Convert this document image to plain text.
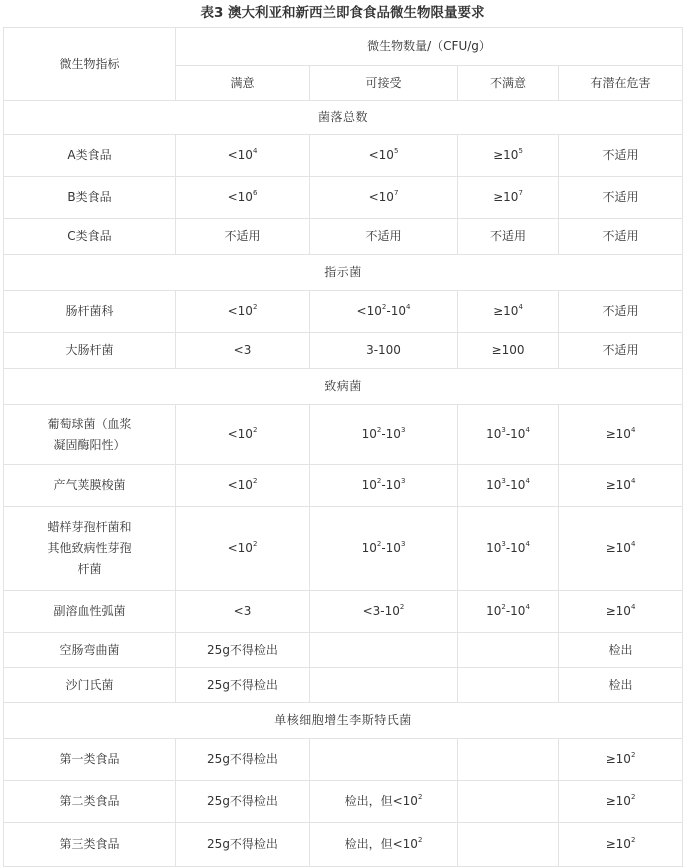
表3 澳大利亚和新西兰即食食品微生物限量要求
微生物指标	微生物数量/（CFU/g）			
	满意	可接受	不满意	有潜在危害
菌落总数				
A类食品	$<10^4$	$<10^5$	$\ge 10^5$	不适用
B类食品	$<10^6$	$<10^7$	$\ge 10^7$	不适用
C类食品	不适用	不适用	不适用	不适用
指示菌				
肠杆菌科	$<10^2$	$<10^2-10^4$	$\ge 10^4$	不适用
大肠杆菌	<3	3-100	≥100	不适用
致病菌				
葡萄球菌（血浆
凝固酶阳性）	$<10^2$	$10^2-10^3$	$10^3-10^4$	$\ge 10^4$
产气荚膜梭菌	$<10^2$	$10^2-10^3$	$10^3-10^4$	$\ge 10^4$
蜡样芽孢杆菌和
其他致病性芽孢
杆菌	$<10^2$	$10^2-10^3$	$10^3-10^4$	$\ge 10^4$
副溶血性弧菌	<3	$<3-10^2$	$10^2-10^4$	$\ge 10^4$
空肠弯曲菌	25g不得检出			检出
沙门氏菌	25g不得检出			检出
单核细胞增生李斯特氏菌				
第一类食品	25g不得检出			$\ge 10^2$
第二类食品	25g不得检出	检出，但$<10^2$		$\ge 10^2$
第三类食品	25g不得检出	检出，但$<10^2$		$\ge 10^2$
